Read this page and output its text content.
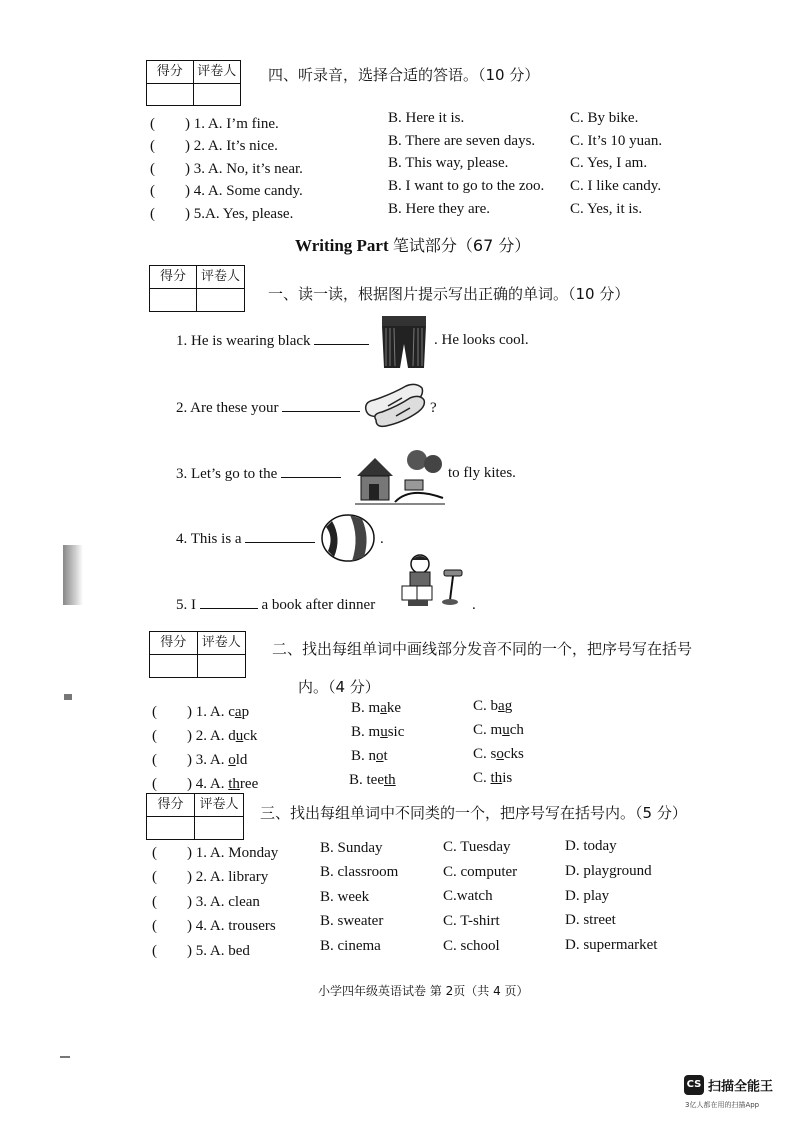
得分	评卷人 四、听录音，选择合适的答语。（10 分）
(　　) 1. A. I’m fine.	B. Here it is.	C. By bike.
(　　) 2. A. It’s nice.	B. There are seven days. C. It’s 10 yuan.
(　　) 3. A. No, it’s near.	B. This way, please.	C. Yes, I am.
(　　) 4. A. Some candy.	B. I want to go to the zoo. C. I like candy.
(　　) 5.A. Yes, please.	B. Here they are.	C. Yes, it is.
Writing Part 笔试部分（67 分）
得分	评卷人
一、读一读，根据图片提示写出正确的单词。（10 分）
1. He is wearing black	. He looks cool.
2. Are these your	?
3. Let’s go to the	to fly kites.
4. This is a	.
5. I	a book after dinner	.
得分	评卷人 二、找出每组单词中画线部分发音不同的一个，把序号写在括号
内。（4 分）
(　　) 1. A. cap	B. make	C. bag
(　　) 2. A. duck	B. music	C. much
(　　) 3. A. old	B. not	C. socks
(　　) 4. A. three	B. teeth	C. this
得分	评卷人	三、找出每组单词中不同类的一个，把序号写在括号内。（5 分）
(　　) 1. A. Monday	B. Sunday	C. Tuesday	D. today
(　　) 2. A. library	B. classroom	C. computer	D. playground
(　　) 3. A. clean	B. week	C.watch	D. play
(　　) 4. A. trousers	B. sweater	C. T-shirt	D. street
(　　) 5. A. bed	B. cinema	C. school	D. supermarket
小学四年级英语试卷 第 2页（共 4 页）
CS 扫描全能王
3亿人都在用的扫描App
